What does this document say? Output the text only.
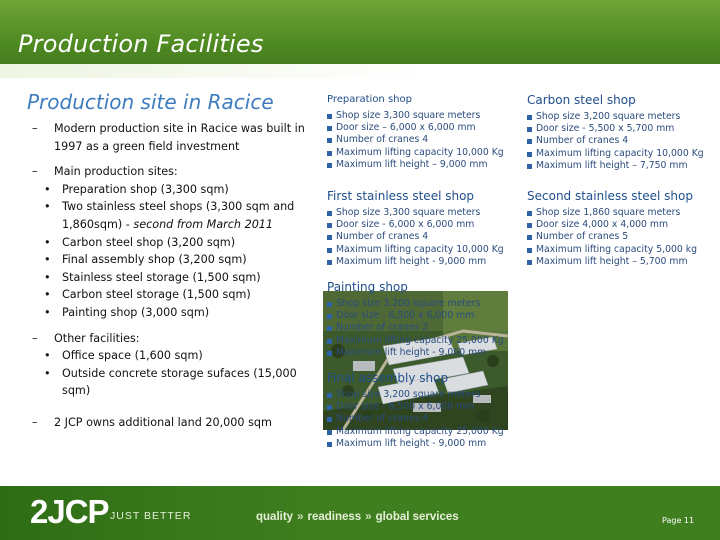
Production Facilities
Production site in Racice
– Modern production site in Racice was built in 1997 as a green field investment
– Main production sites:
• Preparation shop (3,300 sqm)
• Two stainless steel shops (3,300 sqm and 1,860sqm) - second from March 2011
• Carbon steel shop (3,200 sqm)
• Final assembly shop (3,200 sqm)
• Stainless steel storage (1,500 sqm)
• Carbon steel storage (1,500 sqm)
• Painting shop (3,000 sqm)
– Other facilities:
• Office space (1,600 sqm)
• Outside concrete storage sufaces (15,000 sqm)
– 2 JCP owns additional land 20,000 sqm
Preparation shop
Shop size 3,300 square meters
Door size – 6,000 x 6,000 mm
Number of cranes 4
Maximum lifting capacity 10,000 Kg
Maximum lift height – 9,000 mm
Carbon steel shop
Shop size 3,200 square meters
Door size - 5,500 x 5,700 mm
Number of cranes 4
Maximum lifting capacity 10,000 Kg
Maximum lift height – 7,750 mm
First stainless steel shop
Shop size 3,300 square meters
Door size - 6,000 x 6,000 mm
Number of cranes 4
Maximum lifting capacity 10,000 Kg
Maximum lift height - 9,000 mm
Second stainless steel shop
Shop size 1,860 square meters
Door size 4,000 x 4,000 mm
Number of cranes 5
Maximum lifting capacity 5,000 kg
Maximum lift height – 5,700 mm
Painting shop
Shop size 3,200 square meters
Door size - 6,500 x 6,000 mm
Number of cranes 2
Maximum lifting capacity 25,000 Kg
Maximum lift height - 9,000 mm
Final assembly shop
Shop size 3,200 square meters
Door size - 6,500 x 6,000 mm
Number of cranes 4
Maximum lifting capacity 25,000 Kg
Maximum lift height - 9,000 mm
2JCP JUST BETTER	quality » readiness » global services	Page 11
